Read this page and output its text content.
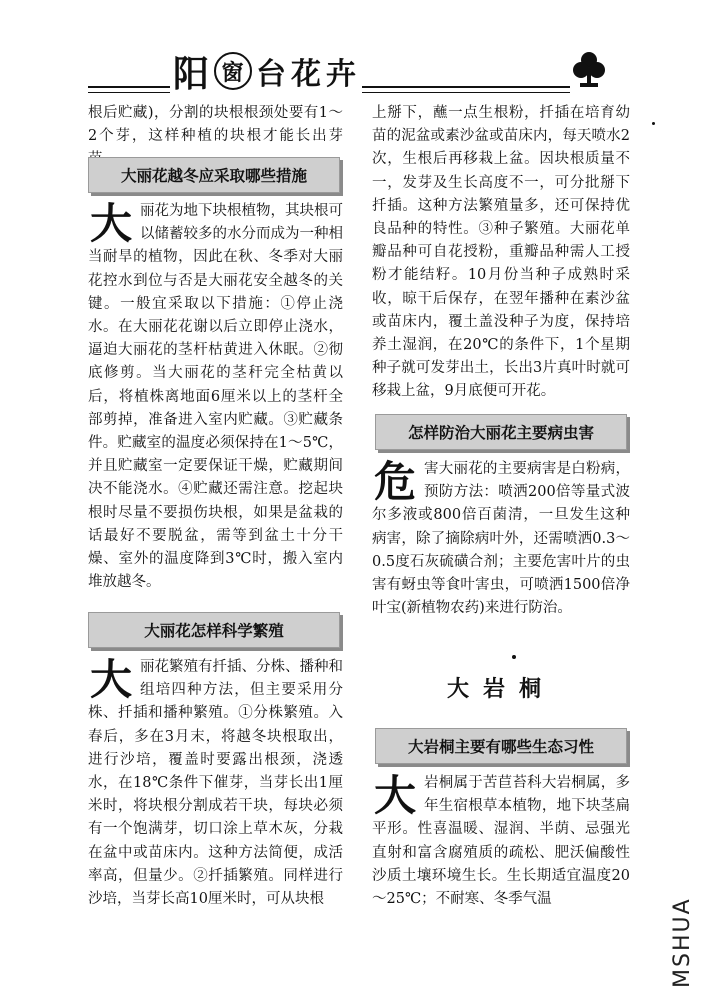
阳 窗 台 花 卉
根后贮藏)，分割的块根根颈处要有1～2个芽，这样种植的块根才能长出芽
大丽花越冬应采取哪些措施
大 丽花为地下块根植物，其块根可以储蓄较多的水分而成为一种相当耐旱的植物，因此在秋、冬季对大丽花控水到位与否是大丽花安全越冬的关键。一般宜采取以下措施：①停止浇水。在大丽花花谢以后立即停止浇水，逼迫大丽花的茎杆枯黄进入休眠。②彻底修剪。当大丽花的茎秆完全枯黄以后，将植株离地面6厘米以上的茎杆全部剪掉，准备进入室内贮藏。③贮藏条件。贮藏室的温度必须保持在1～5℃，并且贮藏室一定要保证干燥，贮藏期间决不能浇水。④贮藏还需注意。挖起块根时尽量不要损伤块根，如果是盆栽的话最好不要脱盆，需等到盆土十分干燥、室外的温度降到3℃时，搬入室内堆放越冬。
大丽花怎样科学繁殖
大 丽花繁殖有扦插、分株、播种和组培四种方法，但主要采用分株、扦插和播种繁殖。①分株繁殖。入春后，多在3月末，将越冬块根取出，进行沙培，覆盖时要露出根颈，浇透水，在18℃条件下催芽，当芽长出1厘米时，将块根分割成若干块，每块必须有一个饱满芽，切口涂上草木灰，分栽在盆中或苗床内。这种方法简便，成活率高，但量少。②扦插繁殖。同样进行沙培，当芽长高10厘米时，可从块根
上掰下，蘸一点生根粉，扦插在培育幼苗的泥盆或素沙盆或苗床内，每天喷水2次，生根后再移栽上盆。因块根质量不一，发芽及生长高度不一，可分批掰下扦插。这种方法繁殖量多，还可保持优良品种的特性。③种子繁殖。大丽花单瓣品种可自花授粉，重瓣品种需人工授粉才能结籽。10月份当种子成熟时采收，晾干后保存，在翌年播种在素沙盆或苗床内，覆土盖没种子为度，保持培养土湿润，在20℃的条件下，1个星期种子就可发芽出土，长出3片真叶时就可移栽上盆，9月底便可开花。
怎样防治大丽花主要病虫害
危 害大丽花的主要病害是白粉病，预防方法：喷洒200倍等量式波尔多液或800倍百菌清，一旦发生这种病害，除了摘除病叶外，还需喷洒0.3～0.5度石灰硫磺合剂；主要危害叶片的虫害有蚜虫等食叶害虫，可喷洒1500倍净叶宝(新植物农药)来进行防治。
大岩桐
大岩桐主要有哪些生态习性
大 岩桐属于苦苣苔科大岩桐属，多年生宿根草本植物，地下块茎扁平形。性喜温暖、湿润、半荫、忌强光直射和富含腐殖质的疏松、肥沃偏酸性沙质土壤环境生长。生长期适宜温度20～25℃；不耐寒、冬季气温	MSHUA
